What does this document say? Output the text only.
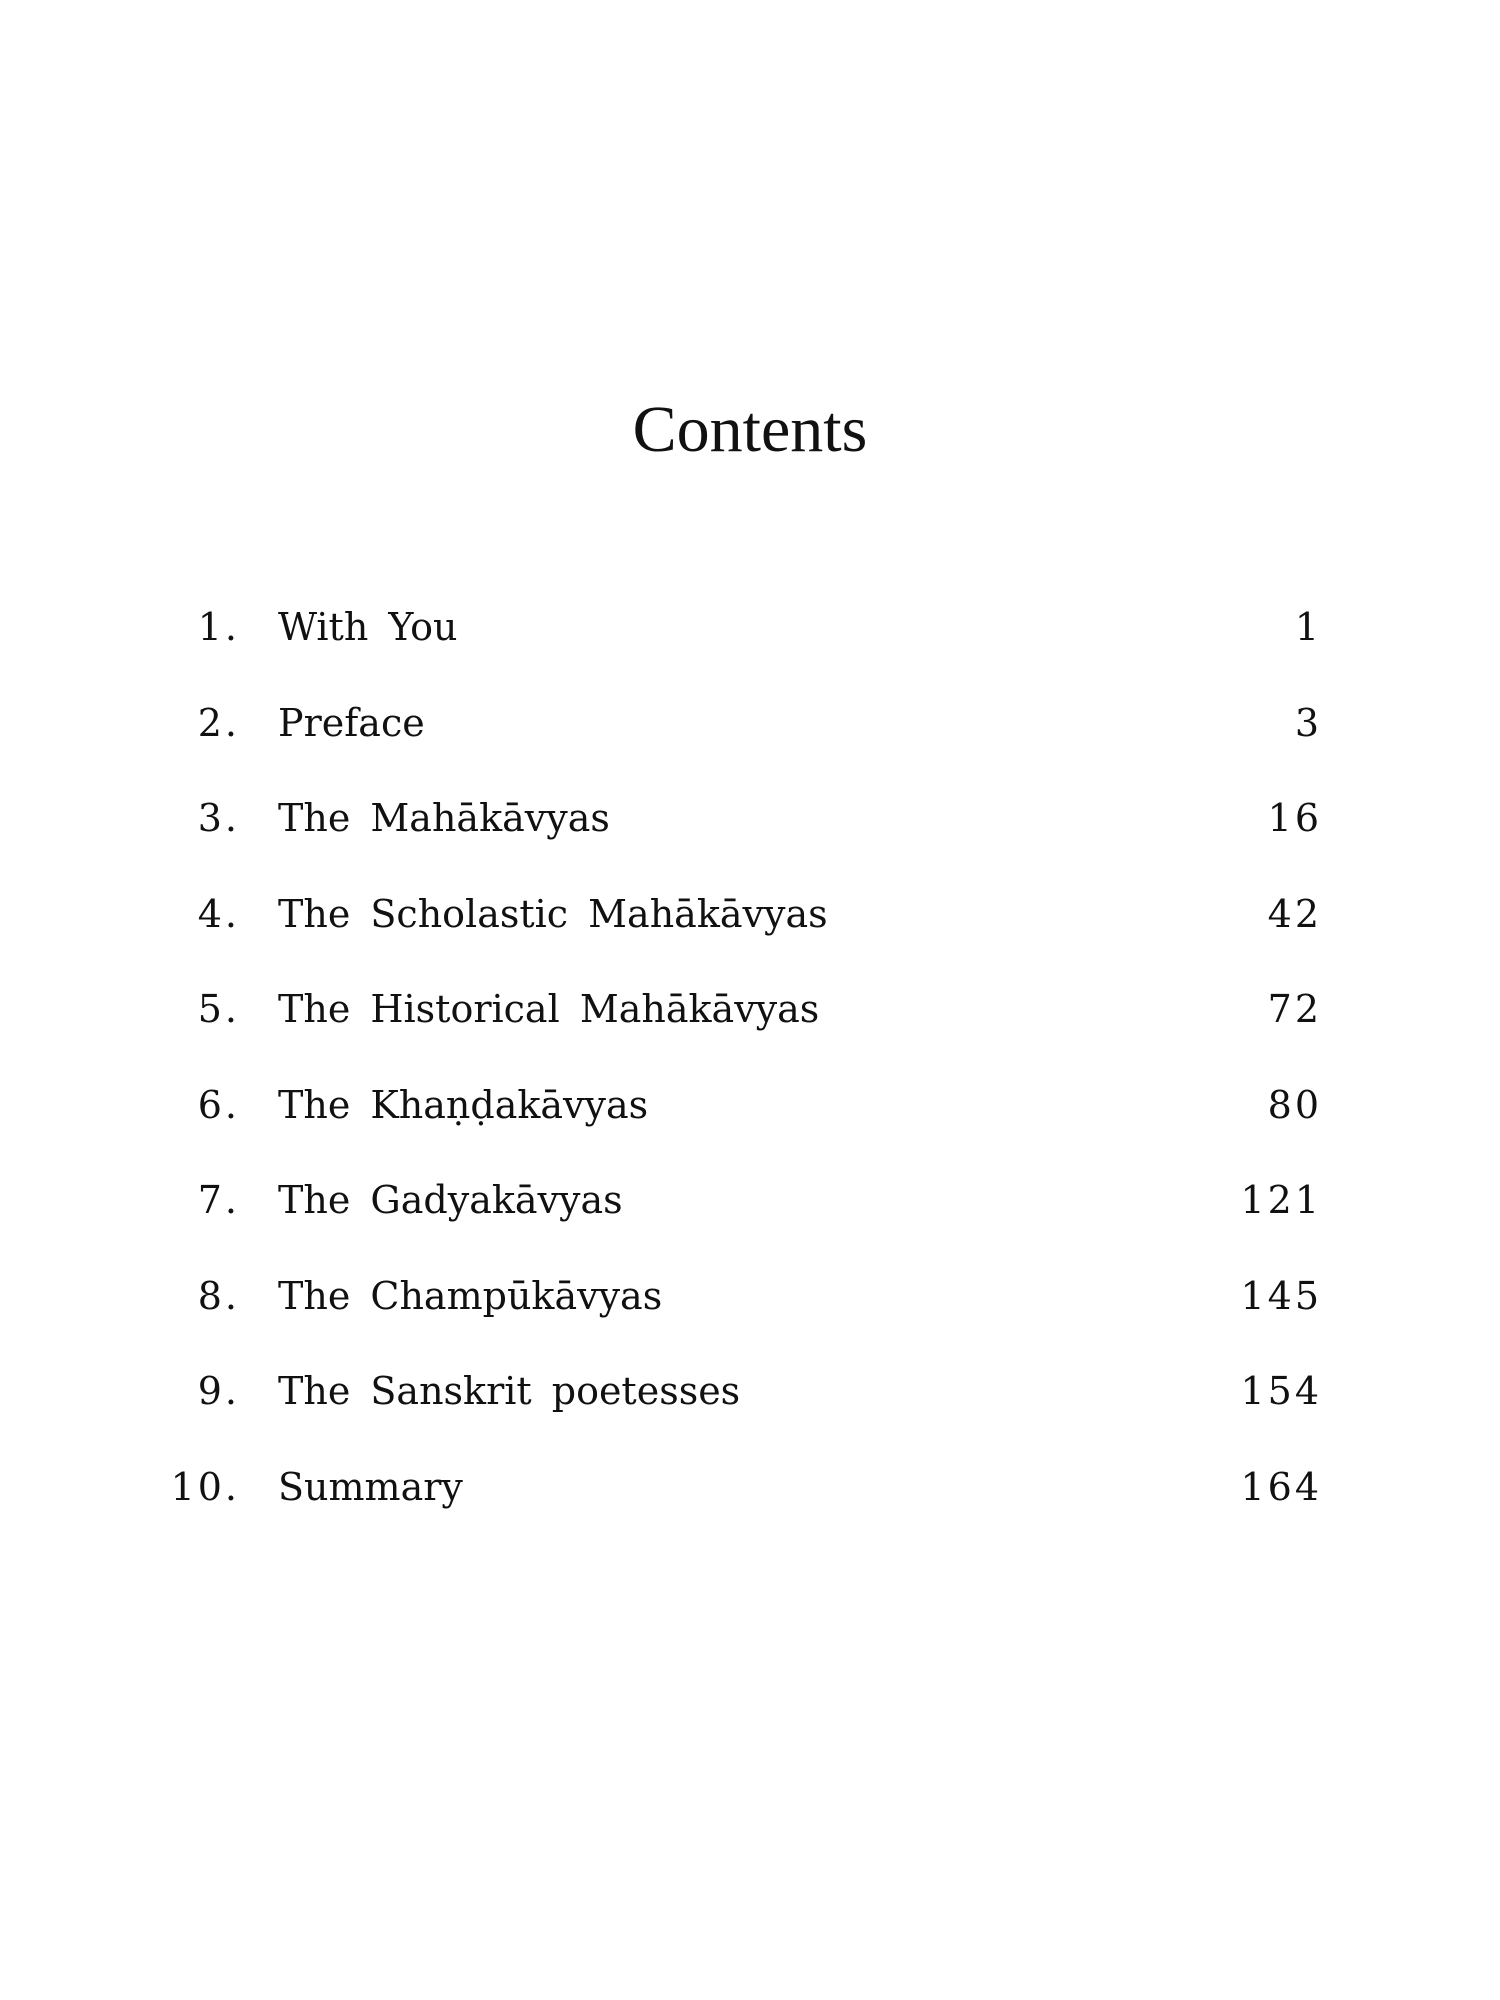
Contents
1. With You	1
2. Preface	3
3. The Mahākāvyas	16
4. The Scholastic Mahākāvyas	42
5. The Historical Mahākāvyas	72
6. The Khaṇḍakāvyas	80
7. The Gadyakāvyas	121
8. The Champūkāvyas	145
9. The Sanskrit poetesses	154
10. Summary	164
